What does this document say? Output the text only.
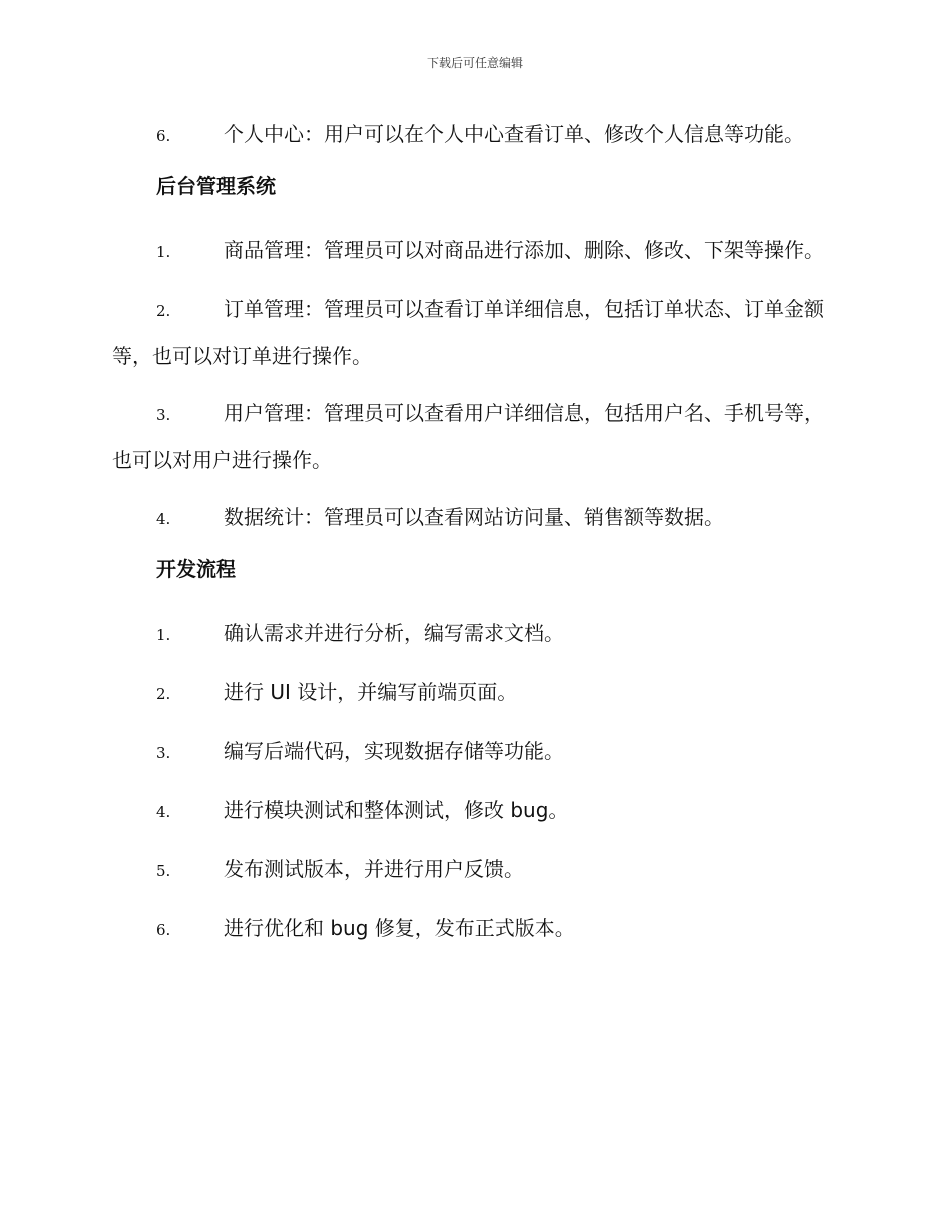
下载后可任意编辑

6.	个人中心：用户可以在个人中心查看订单、修改个人信息等功能。

后台管理系统

1.	商品管理：管理员可以对商品进行添加、删除、修改、下架等操作。

2.	订单管理：管理员可以查看订单详细信息，包括订单状态、订单金额等，也可以对订单进行操作。

3.	用户管理：管理员可以查看用户详细信息，包括用户名、手机号等，也可以对用户进行操作。

4.	数据统计：管理员可以查看网站访问量、销售额等数据。

开发流程

1.	确认需求并进行分析，编写需求文档。

2.	进行 UI 设计，并编写前端页面。

3.	编写后端代码，实现数据存储等功能。

4.	进行模块测试和整体测试，修改 bug。

5.	发布测试版本，并进行用户反馈。

6.	进行优化和 bug 修复，发布正式版本。
